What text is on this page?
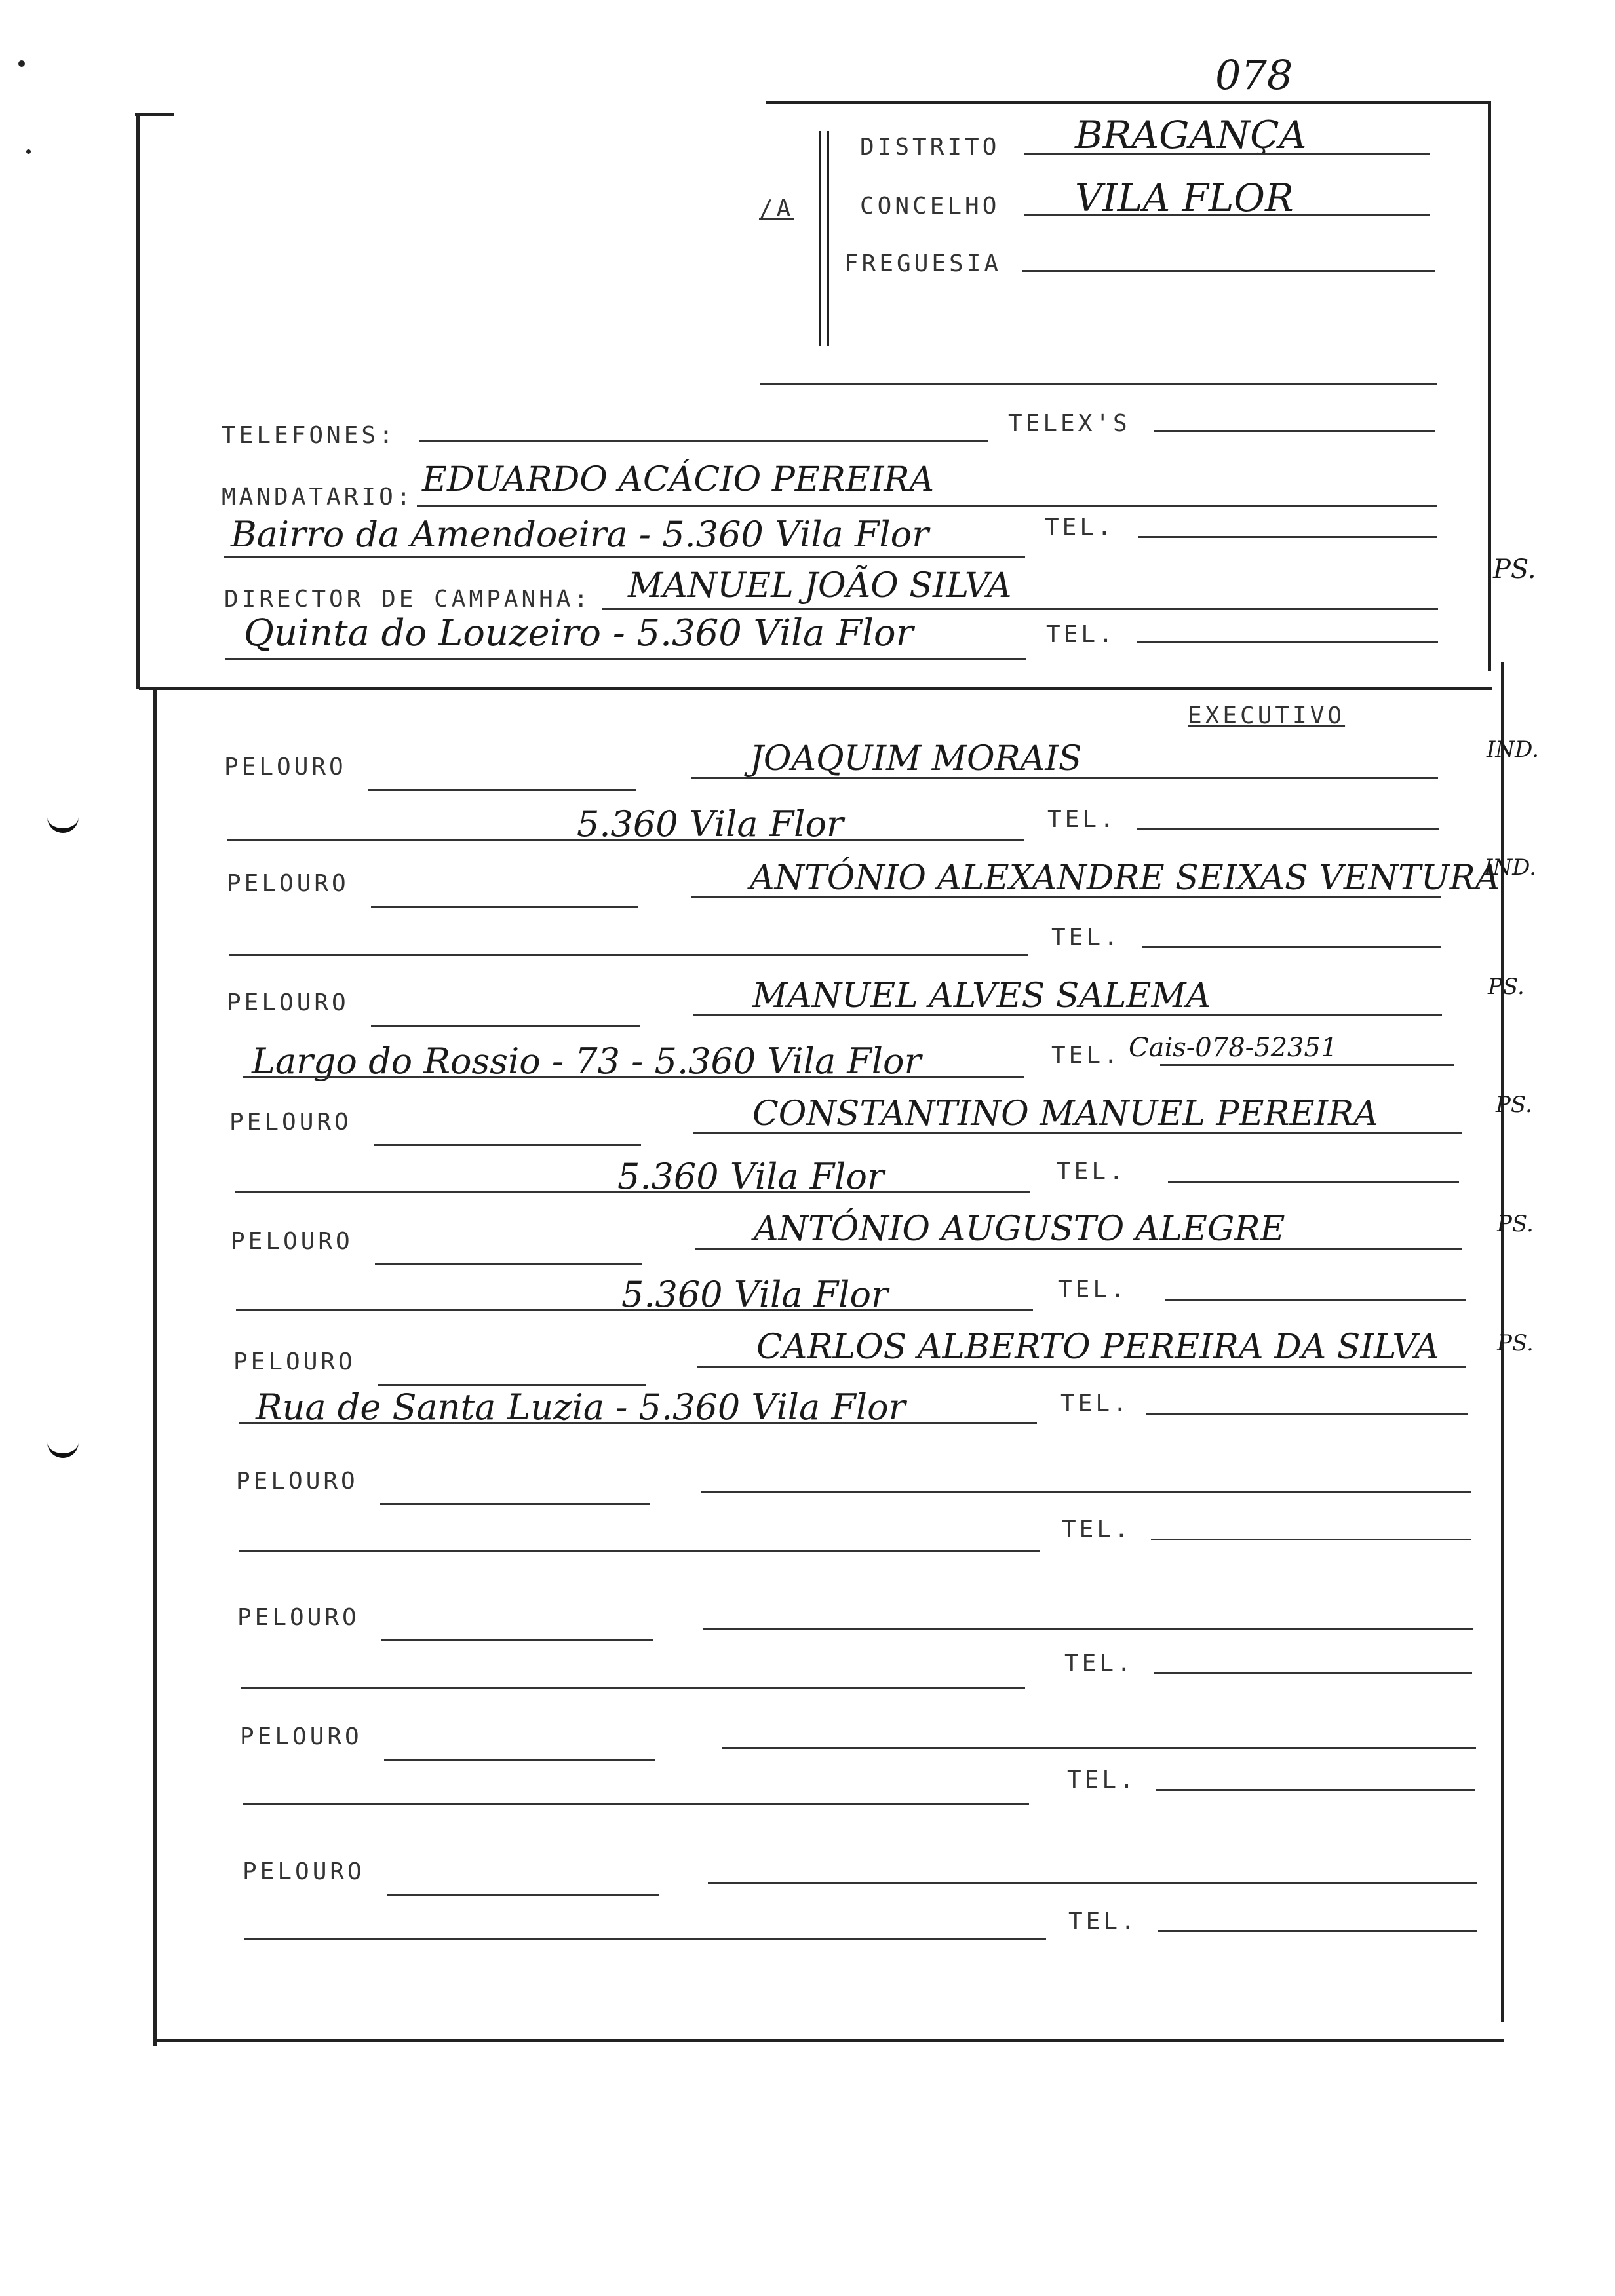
078
/A
DISTRITO BRAGANÇA
CONCELHO VILA FLOR
FREGUESIA
TELEFONES:	TELEX'S
MANDATARIO: EDUARDO ACÁCIO PEREIRA
Bairro da Amendoeira - 5.360 Vila Flor	TEL.
PS.
DIRECTOR DE CAMPANHA: MANUEL JOÃO SILVA
Quinta do Louzeiro - 5.360 Vila Flor	TEL.
EXECUTIVO
PELOURO	JOAQUIM MORAIS
5.360 Vila Flor	TEL.
IND.
PELOURO	ANTÓNIO ALEXANDRE SEIXAS VENTURA
TEL.
IND.
PELOURO	MANUEL ALVES SALEMA
Largo do Rossio - 73 - 5.360 Vila Flor	TEL. Cais-078-52351
PS.
PELOURO	CONSTANTINO MANUEL PEREIRA
5.360 Vila Flor	TEL.
PS.
PELOURO	ANTÓNIO AUGUSTO ALEGRE
5.360 Vila Flor	TEL.
PS.
PELOURO	CARLOS ALBERTO PEREIRA DA SILVA
Rua de Santa Luzia - 5.360 Vila Flor	TEL.
PS.
PELOURO
TEL.
PELOURO
TEL.
PELOURO
TEL.
PELOURO
TEL.
